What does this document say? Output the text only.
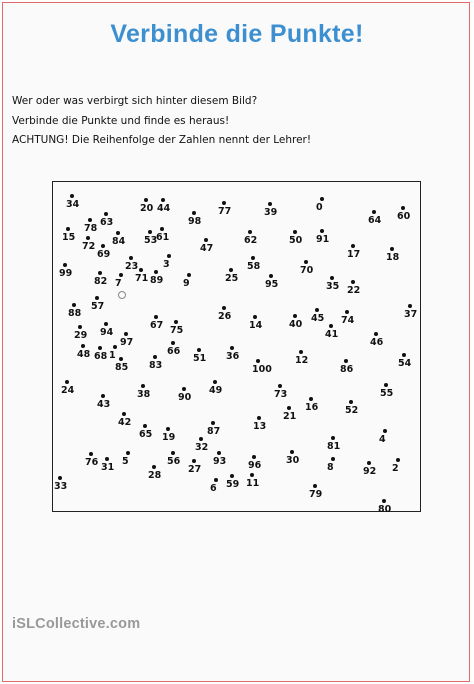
Verbinde die Punkte!
Wer oder was verbirgt sich hinter diesem Bild?
Verbinde die Punkte und finde es heraus!
ACHTUNG! Die Reihenfolge der Zahlen nennt der Lehrer!
34	20 44	77	39	0
64 60
78
63	98
15
72 84 53
61	62	50 91
69
47
17	18
23	3	58	70
99
82 7 71 89 9	25
95	35 22
57
88	26	45 74
37
67	14	40
75
29 94	41
97	46
48 68 1	66	36
51	12	54
85 83	100	86
24	49	73	55
38	90
21
43	16	52
42	13
87
65 19	4
32	81
76 31
5	56	93 96	30
8	92 2
27
28
59 11
6
33
79
80
iSLCollective.com
